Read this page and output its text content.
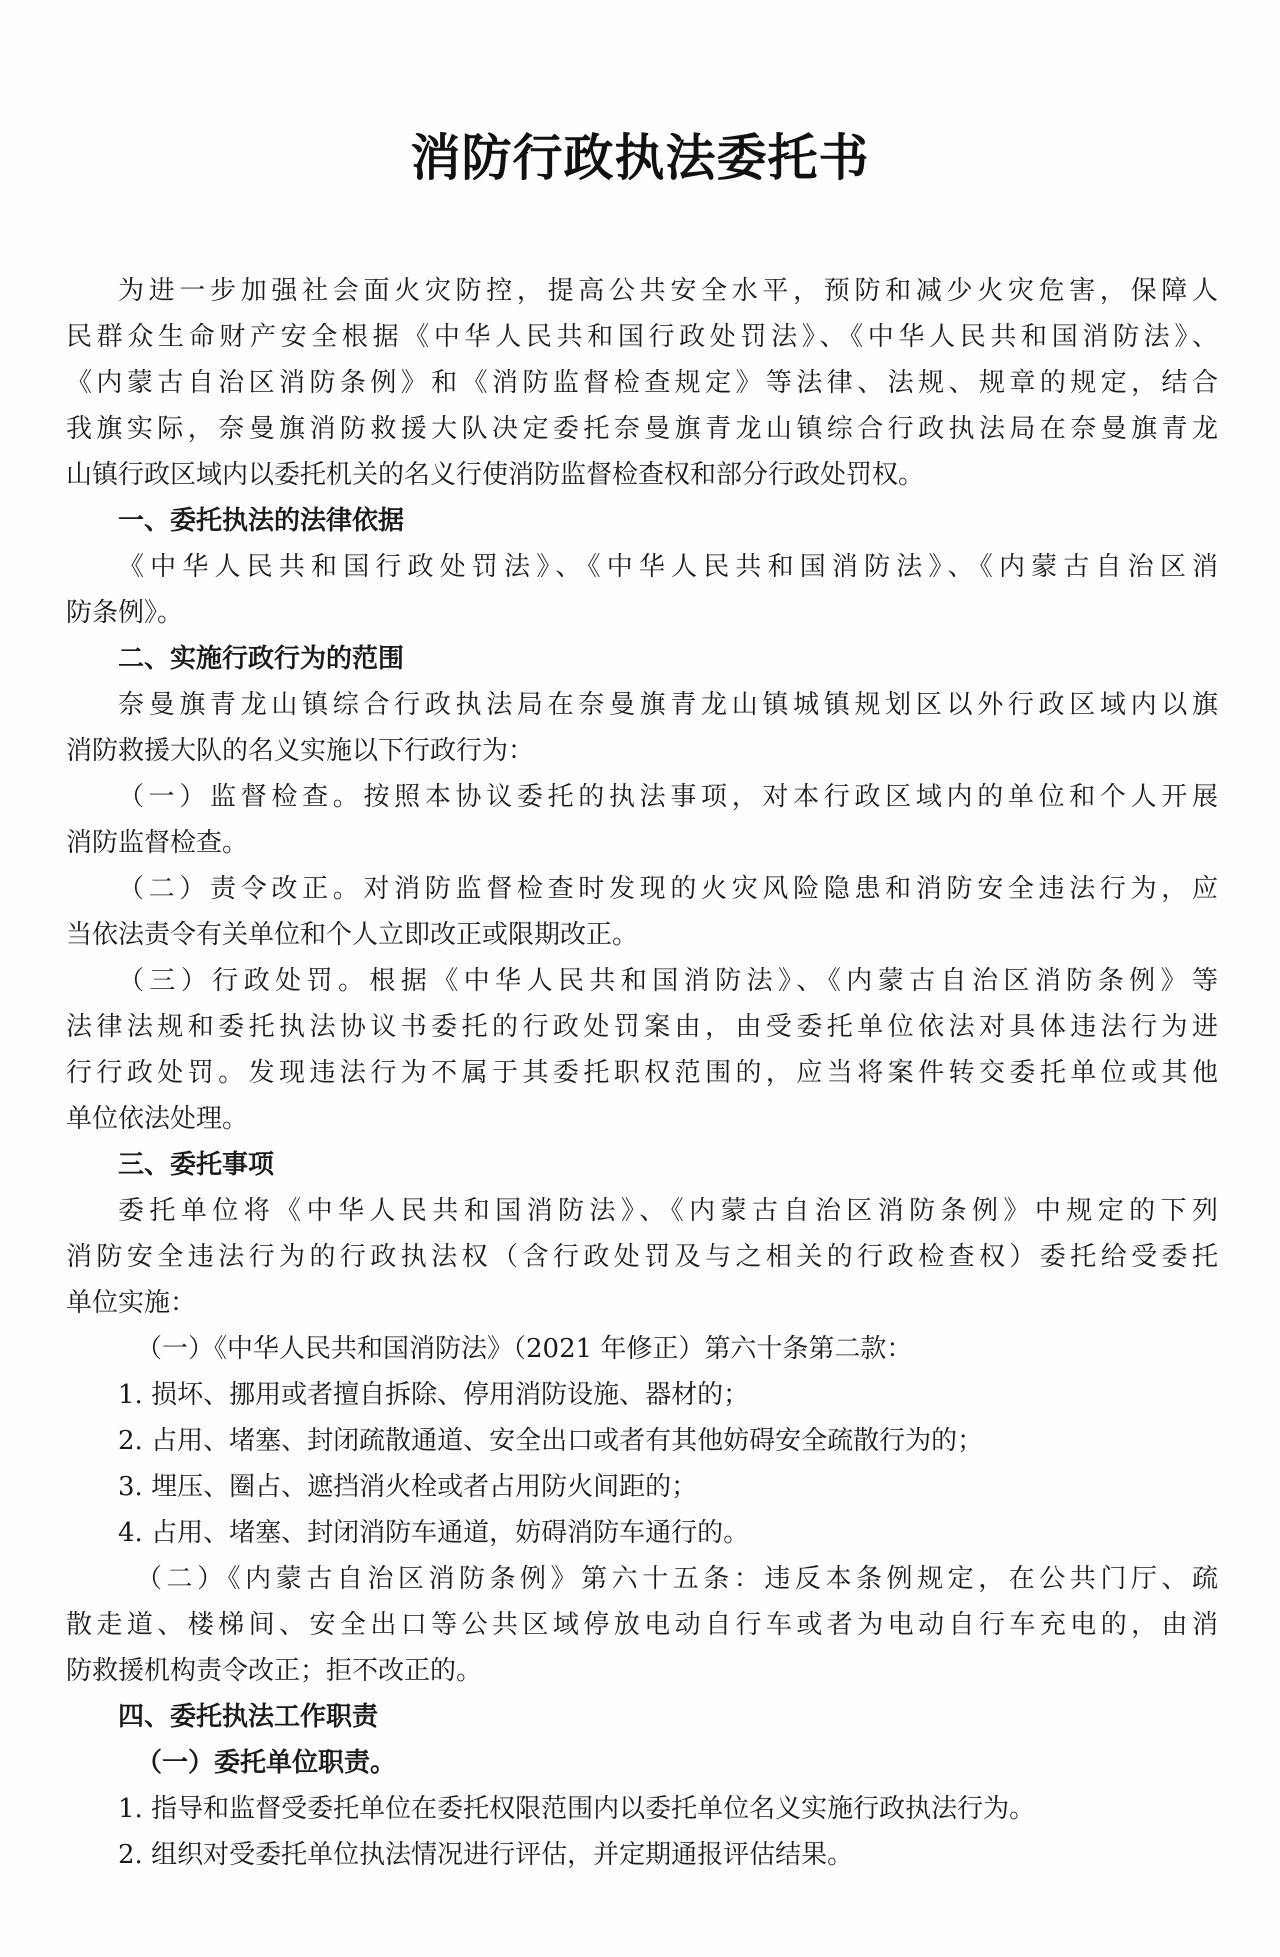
消防行政执法委托书

为进一步加强社会面火灾防控，提高公共安全水平，预防和减少火灾危害，保障人

民群众生命财产安全根据《中华人民共和国行政处罚法》、《中华人民共和国消防法》、

《内蒙古自治区消防条例》和《消防监督检查规定》等法律、法规、规章的规定，结合

我旗实际，奈曼旗消防救援大队决定委托奈曼旗青龙山镇综合行政执法局在奈曼旗青龙

山镇行政区域内以委托机关的名义行使消防监督检查权和部分行政处罚权。

一、委托执法的法律依据

《中华人民共和国行政处罚法》、《中华人民共和国消防法》、《内蒙古自治区消

防条例》。

二、实施行政行为的范围

奈曼旗青龙山镇综合行政执法局在奈曼旗青龙山镇城镇规划区以外行政区域内以旗

消防救援大队的名义实施以下行政行为：

（一）监督检查。按照本协议委托的执法事项，对本行政区域内的单位和个人开展

消防监督检查。

（二）责令改正。对消防监督检查时发现的火灾风险隐患和消防安全违法行为，应

当依法责令有关单位和个人立即改正或限期改正。

（三）行政处罚。根据《中华人民共和国消防法》、《内蒙古自治区消防条例》等

法律法规和委托执法协议书委托的行政处罚案由，由受委托单位依法对具体违法行为进

行行政处罚。发现违法行为不属于其委托职权范围的，应当将案件转交委托单位或其他

单位依法处理。

三、委托事项

委托单位将《中华人民共和国消防法》、《内蒙古自治区消防条例》中规定的下列

消防安全违法行为的行政执法权（含行政处罚及与之相关的行政检查权）委托给受委托

单位实施：

（一）《中华人民共和国消防法》（2021 年修正）第六十条第二款：

1. 损坏、挪用或者擅自拆除、停用消防设施、器材的；

2. 占用、堵塞、封闭疏散通道、安全出口或者有其他妨碍安全疏散行为的；

3. 埋压、圈占、遮挡消火栓或者占用防火间距的；

4. 占用、堵塞、封闭消防车通道，妨碍消防车通行的。

（二）《内蒙古自治区消防条例》第六十五条：违反本条例规定，在公共门厅、疏

散走道、楼梯间、安全出口等公共区域停放电动自行车或者为电动自行车充电的，由消

防救援机构责令改正；拒不改正的。

四、委托执法工作职责

（一）委托单位职责。

1. 指导和监督受委托单位在委托权限范围内以委托单位名义实施行政执法行为。

2. 组织对受委托单位执法情况进行评估，并定期通报评估结果。
